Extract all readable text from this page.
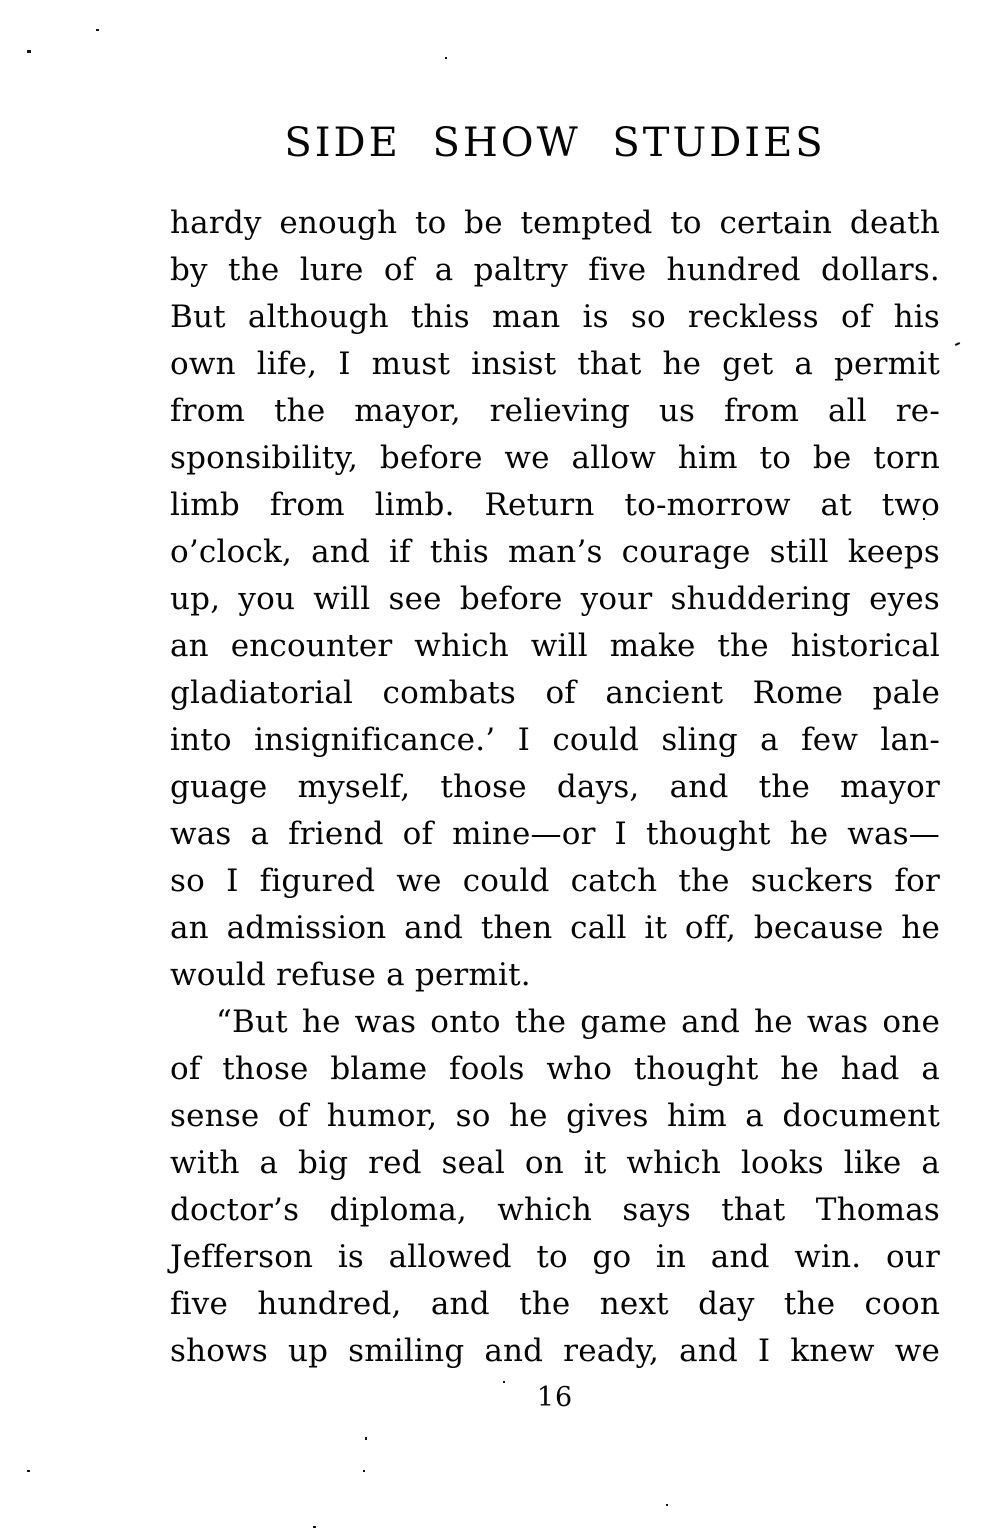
SIDE SHOW STUDIES
hardy enough to be tempted to certain death
by the lure of a paltry five hundred dollars.
But although this man is so reckless of his
own life, I must insist that he get a permit
from the mayor, relieving us from all re-
sponsibility, before we allow him to be torn
limb from limb. Return to-morrow at two
o’clock, and if this man’s courage still keeps
up, you will see before your shuddering eyes
an encounter which will make the historical
gladiatorial combats of ancient Rome pale
into insignificance.’ I could sling a few lan-
guage myself, those days, and the mayor
was a friend of mine—or I thought he was—
so I figured we could catch the suckers for
an admission and then call it off, because he
would refuse a permit.
“But he was onto the game and he was one
of those blame fools who thought he had a
sense of humor, so he gives him a document
with a big red seal on it which looks like a
doctor’s diploma, which says that Thomas
Jefferson is allowed to go in and win. our
five hundred, and the next day the coon
shows up smiling and ready, and I knew we
16
